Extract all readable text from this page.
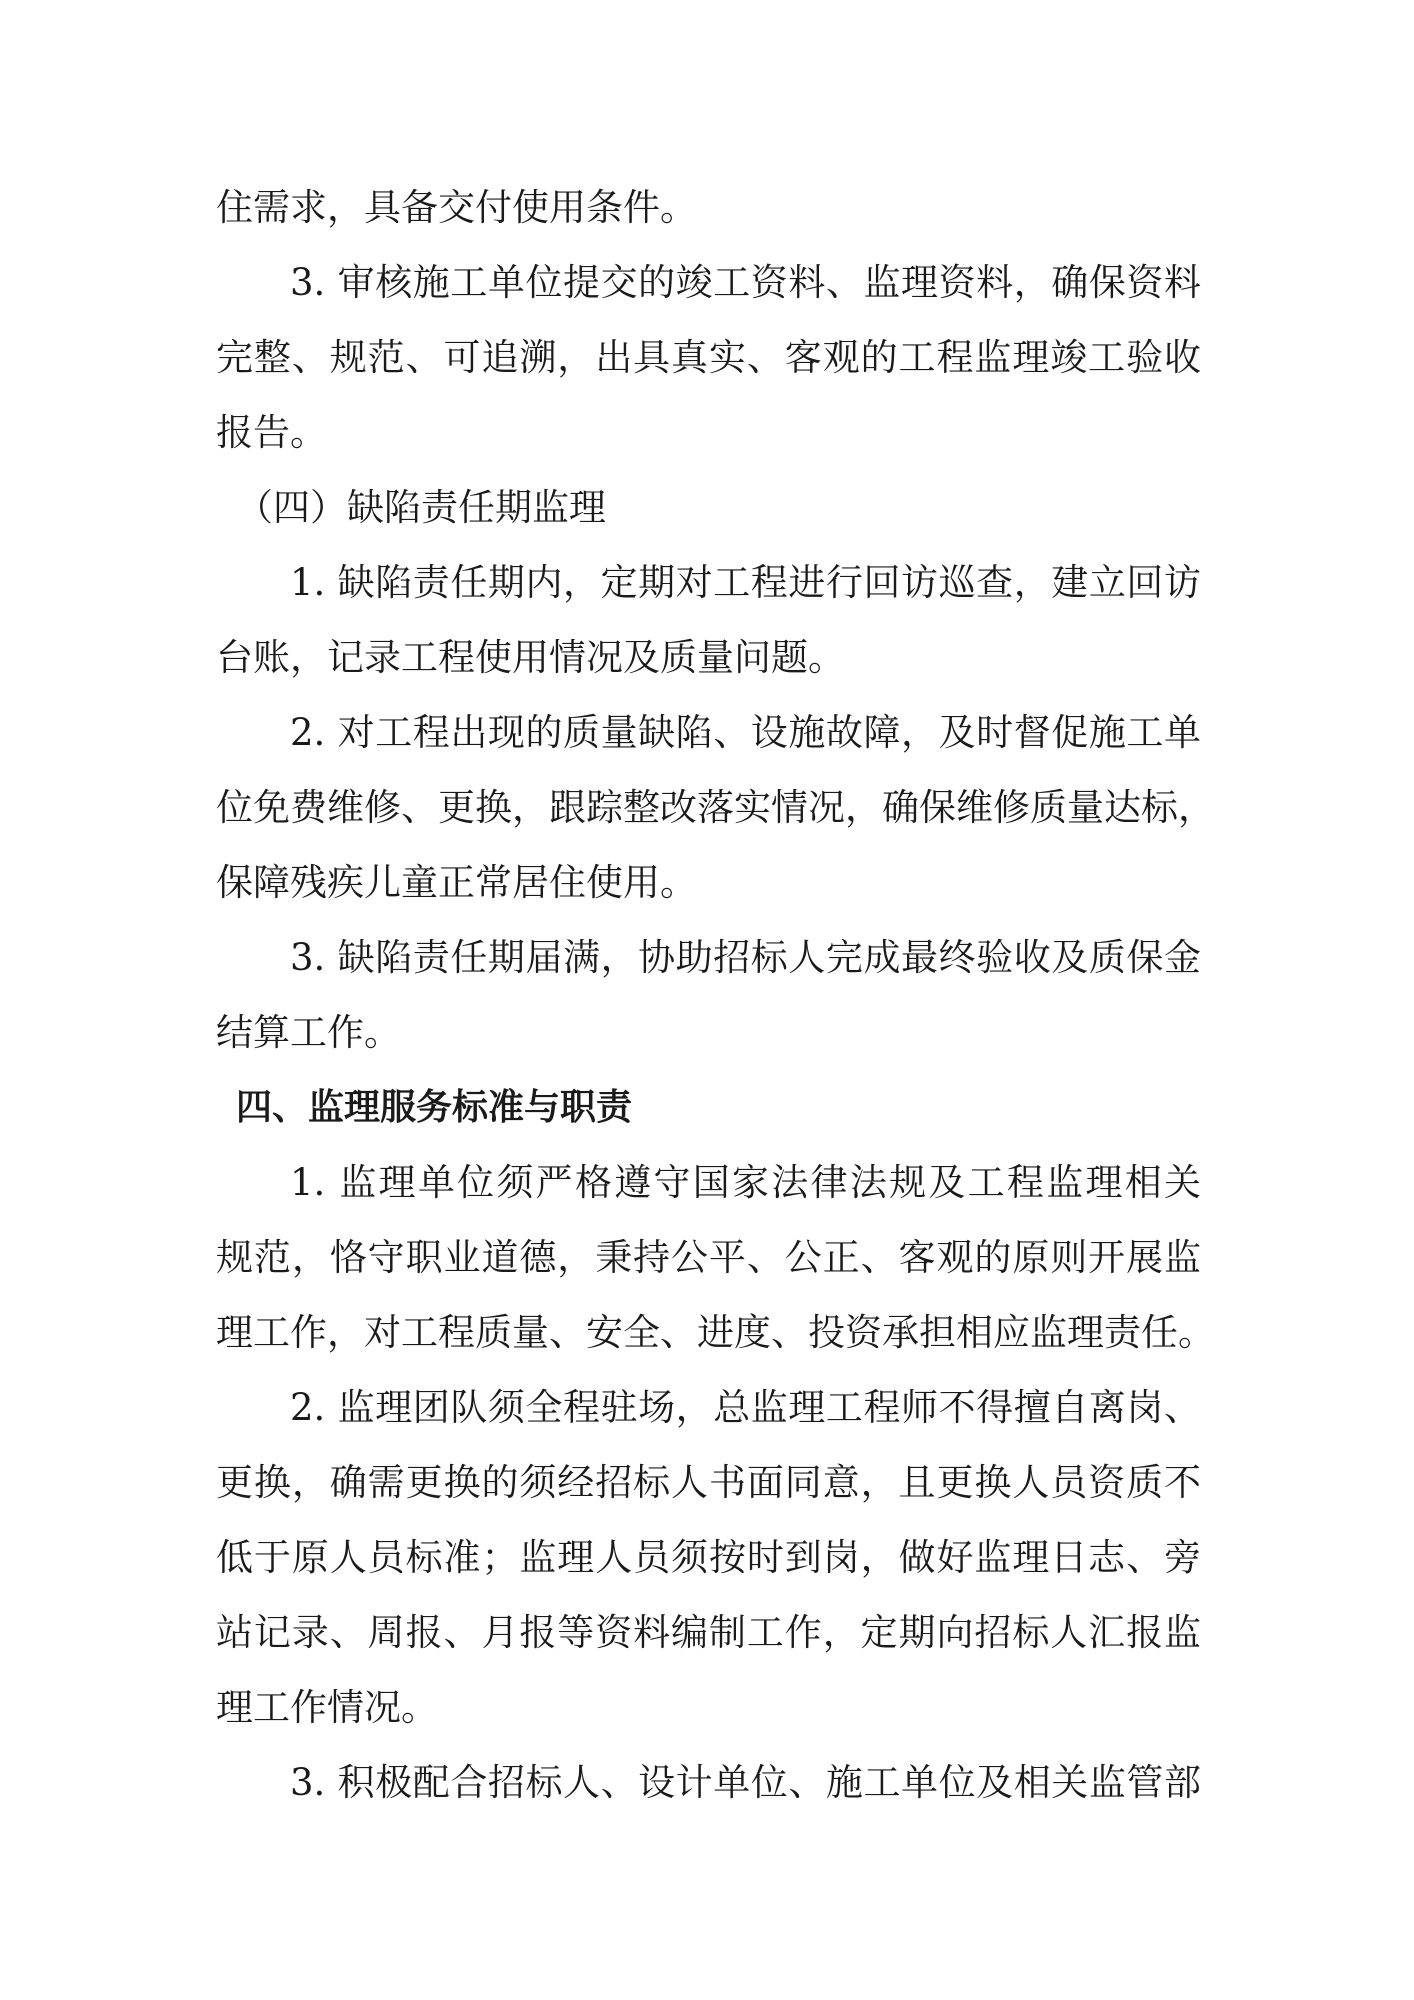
住需求，具备交付使用条件。
3. 审核施工单位提交的竣工资料、监理资料，确保资料
完整、规范、可追溯，出具真实、客观的工程监理竣工验收
报告。
（四）缺陷责任期监理
1. 缺陷责任期内，定期对工程进行回访巡查，建立回访
台账，记录工程使用情况及质量问题。
2. 对工程出现的质量缺陷、设施故障，及时督促施工单
位免费维修、更换，跟踪整改落实情况，确保维修质量达标，
保障残疾儿童正常居住使用。
3. 缺陷责任期届满，协助招标人完成最终验收及质保金
结算工作。
四、监理服务标准与职责
1. 监理单位须严格遵守国家法律法规及工程监理相关
规范，恪守职业道德，秉持公平、公正、客观的原则开展监
理工作，对工程质量、安全、进度、投资承担相应监理责任。
2. 监理团队须全程驻场，总监理工程师不得擅自离岗、
更换，确需更换的须经招标人书面同意，且更换人员资质不
低于原人员标准；监理人员须按时到岗，做好监理日志、旁
站记录、周报、月报等资料编制工作，定期向招标人汇报监
理工作情况。
3. 积极配合招标人、设计单位、施工单位及相关监管部
